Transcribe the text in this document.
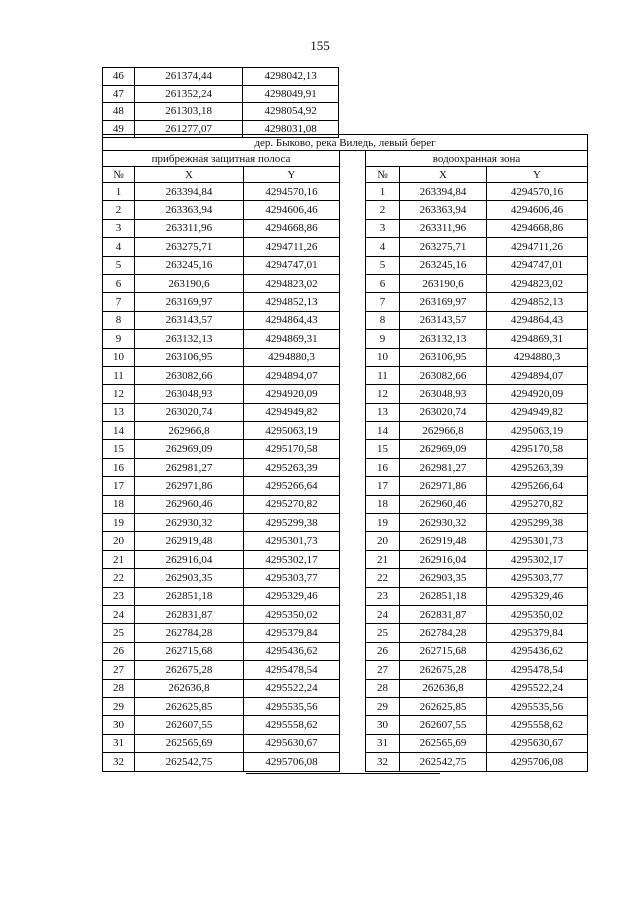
155
46	261374,44	4298042,13
47	261352,24	4298049,91
48	261303,18	4298054,92
49	261277,07	4298031,08
дер. Быково, река Виледь, левый берег						
прибрежная защитная полоса				водоохранная зона		
№	X	Y		№	X	Y
1	263394,84	4294570,16		1	263394,84	4294570,16
2	263363,94	4294606,46		2	263363,94	4294606,46
3	263311,96	4294668,86		3	263311,96	4294668,86
4	263275,71	4294711,26		4	263275,71	4294711,26
5	263245,16	4294747,01		5	263245,16	4294747,01
6	263190,6	4294823,02		6	263190,6	4294823,02
7	263169,97	4294852,13		7	263169,97	4294852,13
8	263143,57	4294864,43		8	263143,57	4294864,43
9	263132,13	4294869,31		9	263132,13	4294869,31
10	263106,95	4294880,3		10	263106,95	4294880,3
11	263082,66	4294894,07		11	263082,66	4294894,07
12	263048,93	4294920,09		12	263048,93	4294920,09
13	263020,74	4294949,82		13	263020,74	4294949,82
14	262966,8	4295063,19		14	262966,8	4295063,19
15	262969,09	4295170,58		15	262969,09	4295170,58
16	262981,27	4295263,39		16	262981,27	4295263,39
17	262971,86	4295266,64		17	262971,86	4295266,64
18	262960,46	4295270,82		18	262960,46	4295270,82
19	262930,32	4295299,38		19	262930,32	4295299,38
20	262919,48	4295301,73		20	262919,48	4295301,73
21	262916,04	4295302,17		21	262916,04	4295302,17
22	262903,35	4295303,77		22	262903,35	4295303,77
23	262851,18	4295329,46		23	262851,18	4295329,46
24	262831,87	4295350,02		24	262831,87	4295350,02
25	262784,28	4295379,84		25	262784,28	4295379,84
26	262715,68	4295436,62		26	262715,68	4295436,62
27	262675,28	4295478,54		27	262675,28	4295478,54
28	262636,8	4295522,24		28	262636,8	4295522,24
29	262625,85	4295535,56		29	262625,85	4295535,56
30	262607,55	4295558,62		30	262607,55	4295558,62
31	262565,69	4295630,67		31	262565,69	4295630,67
32	262542,75	4295706,08		32	262542,75	4295706,08
